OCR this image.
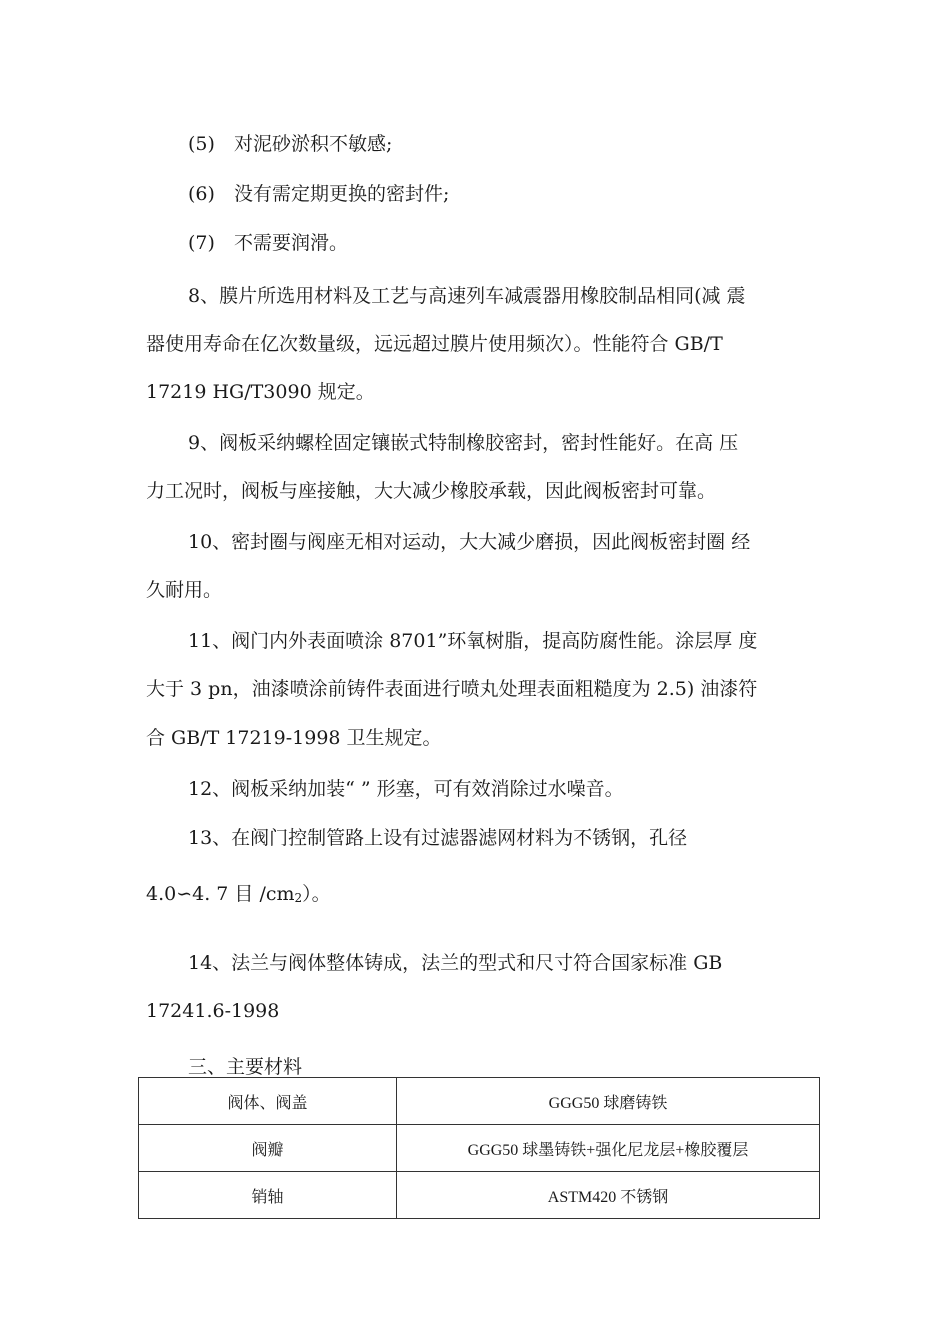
(5) 对泥砂淤积不敏感;
(6) 没有需定期更换的密封件;
(7) 不需要润滑。
8、膜片所选用材料及工艺与高速列车减震器用橡胶制品相同(减 震
器使用寿命在亿次数量级，远远超过膜片使用频次）。性能符合 GB/T
17219 HG/T3090 规定。
9、阀板采纳螺栓固定镶嵌式特制橡胶密封，密封性能好。在高 压
力工况时，阀板与座接触，大大减少橡胶承载，因此阀板密封可靠。
10、密封圈与阀座无相对运动，大大减少磨损，因此阀板密封圈 经
久耐用。
11、阀门内外表面喷涂 8701”环氧树脂，提高防腐性能。涂层厚 度
大于 3 pn，油漆喷涂前铸件表面进行喷丸处理表面粗糙度为 2.5) 油漆符
合 GB/T 17219-1998 卫生规定。
12、阀板采纳加装“ ” 形塞，可有效消除过水噪音。
13、在阀门控制管路上设有过滤器滤网材料为不锈钢，孔径
4.0∽4. 7 目 /cm2）。
14、法兰与阀体整体铸成，法兰的型式和尺寸符合国家标准 GB
17241.6-1998
三、主要材料
阀体、阀盖	GGG50 球磨铸铁
阀瓣	GGG50 球墨铸铁+强化尼龙层+橡胶覆层
销轴	ASTM420 不锈钢
